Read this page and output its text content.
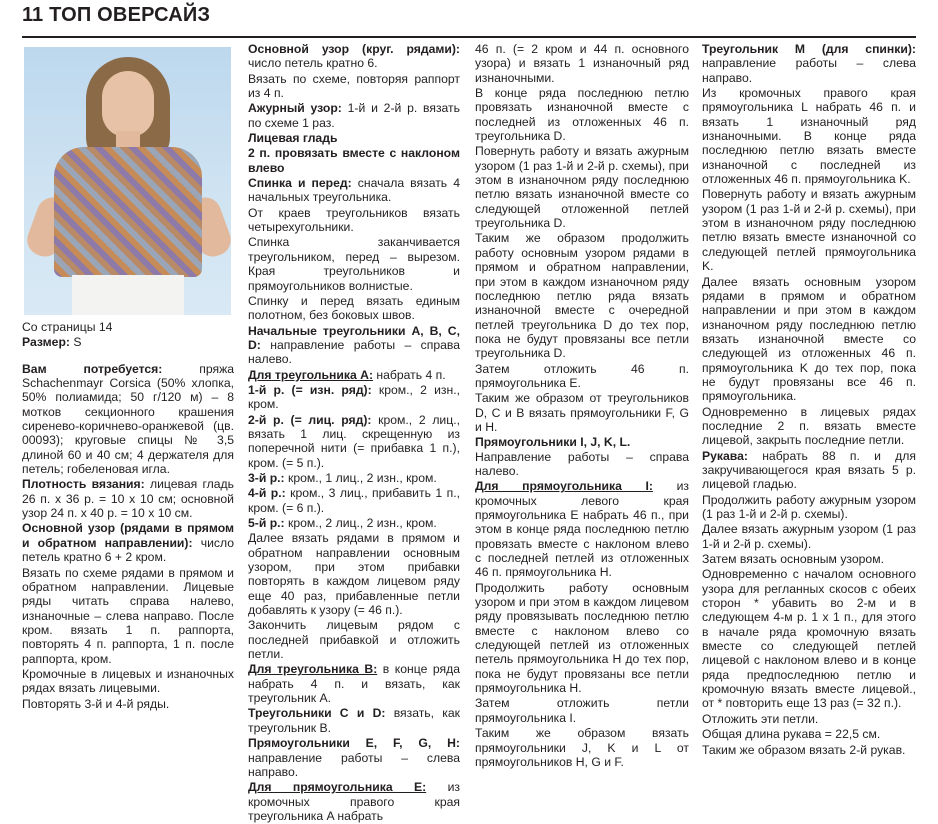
11 ТОП ОВЕРСАЙЗ

Со страницы 14

Размер: S

Вам потребуется:	пряжа Schachenmayr Corsica (50% хлопка, 50% полиамида; 50 г/120 м) – 8 мотков секционного крашения сиренево-коричнево-оранжевой (цв. 00093); круговые спицы № 3,5 длиной 60 и 40 см; 4 держателя для петель; гобеленовая игла.

Плотность вязания: лицевая гладь 26 п. х 36 р. = 10 х 10 см; основной узор 24 п. х 40 р. = 10 х 10 см.

Основной узор (рядами в прямом и обратном направлении): число петель кратно 6 + 2 кром.

Вязать по схеме рядами в прямом и обратном направлении. Лицевые ряды читать справа налево, изнаночные – слева направо. После кром. вязать 1 п. раппорта, повторять 4 п. раппорта, 1 п. после раппорта, кром.

Кромочные в лицевых и изнаночных рядах вязать лицевыми.

Повторять 3-й и 4-й ряды.

Основной узор (круг. рядами): число петель кратно 6.

Вязать по схеме, повторяя раппорт из 4 п.

Ажурный узор: 1-й и 2-й р. вязать по схеме 1 раз.

Лицевая гладь

2 п. провязать вместе с наклоном влево

Спинка и перед: сначала вязать 4 начальных треугольника.

От краев треугольников вязать четырехугольники.

Спинка заканчивается треугольником, перед – вырезом. Края треугольников и прямоугольников волнистые.

Спинку и перед вязать единым полотном, без боковых швов.

Начальные треугольники A, B, C, D: направление работы – справа налево.

Для треугольника A: набрать 4 п.

1-й р. (= изн. ряд): кром., 2 изн., кром.

2-й р. (= лиц. ряд): кром., 2 лиц., вязать 1 лиц. скрещенную из поперечной нити (= прибавка 1 п.), кром. (= 5 п.).

3-й р.: кром., 1 лиц., 2 изн., кром.

4-й р.: кром., 3 лиц., прибавить 1 п., кром. (= 6 п.).

5-й р.: кром., 2 лиц., 2 изн., кром.

Далее вязать рядами в прямом и обратном направлении основным узором, при этом прибавки повторять в каждом лицевом ряду еще 40 раз, прибавленные петли добавлять к узору (= 46 п.).

Закончить лицевым рядом с последней прибавкой и отложить петли.

Для треугольника B: в конце ряда набрать 4 п. и вязать, как треугольник A.

Треугольники C и D: вязать, как треугольник B.

Прямоугольники E, F, G, H: направление работы – слева направо.

Для прямоугольника E: из кромочных правого края треугольника A набрать

46 п. (= 2 кром и 44 п. основного узора) и вязать 1 изнаночный ряд изнаночными.

В конце ряда последнюю петлю провязать изнаночной вместе с последней из отложенных 46 п. треугольника D.

Повернуть работу и вязать ажурным узором (1 раз 1-й и 2-й р. схемы), при этом в изнаночном ряду последнюю петлю вязать изнаночной вместе со следующей отложенной петлей треугольника D.

Таким же образом продолжить работу основным узором рядами в прямом и обратном направлении, при этом в каждом изнаночном ряду последнюю петлю ряда вязать изнаночной вместе с очередной петлей треугольника D до тех пор, пока не будут провязаны все петли треугольника D.

Затем отложить 46 п. прямоугольника E.

Таким же образом от треугольников D, C и B вязать прямоугольники F, G и H.

Прямоугольники I, J, K, L.
Направление работы – справа налево.

Для прямоугольника I: из кромочных левого края прямоугольника E набрать 46 п., при этом в конце ряда последнюю петлю провязать вместе с наклоном влево с последней петлей из отложенных 46 п. прямоугольника H.

Продолжить работу основным узором и при этом в каждом лицевом ряду провязывать последнюю петлю вместе с наклоном влево со следующей петлей из отложенных петель прямоугольника H до тех пор, пока не будут провязаны все петли прямоугольника H.

Затем отложить петли прямоугольника I.

Таким же образом вязать прямоугольники J, K и L от прямоугольников H, G и F.

Треугольник M (для спинки): направление работы – слева направо.

Из кромочных правого края прямоугольника L набрать 46 п. и вязать 1 изнаночный ряд изнаночными. В конце ряда последнюю петлю вязать вместе изнаночной с последней из отложенных 46 п. прямоугольника K.

Повернуть работу и вязать ажурным узором (1 раз 1-й и 2-й р. схемы), при этом в изнаночном ряду последнюю петлю вязать вместе изнаночной со следующей петлей прямоугольника K.

Далее вязать основным узором рядами в прямом и обратном направлении и при этом в каждом изнаночном ряду последнюю петлю вязать изнаночной вместе со следующей из отложенных 46 п. прямоугольника K до тех пор, пока не будут провязаны все 46 п. прямоугольника.

Одновременно в лицевых рядах последние 2 п. вязать вместе лицевой, закрыть последние петли.

Рукава: набрать 88 п. и для закручивающегося края вязать 5 р. лицевой гладью.

Продолжить работу ажурным узором (1 раз 1-й и 2-й р. схемы).

Далее вязать ажурным узором (1 раз 1-й и 2-й р. схемы).

Затем вязать основным узором.

Одновременно с началом основного узора для регланных скосов с обеих сторон * убавить во 2-м и в следующем 4-м р. 1 х 1 п., для этого в начале ряда кромочную вязать вместе со следующей петлей лицевой с наклоном влево и в конце ряда предпоследнюю петлю и кромочную вязать вместе лицевой., от * повторить еще 13 раз (= 32 п.).

Отложить эти петли.

Общая длина рукава = 22,5 см.

Таким же образом вязать 2-й рукав.
